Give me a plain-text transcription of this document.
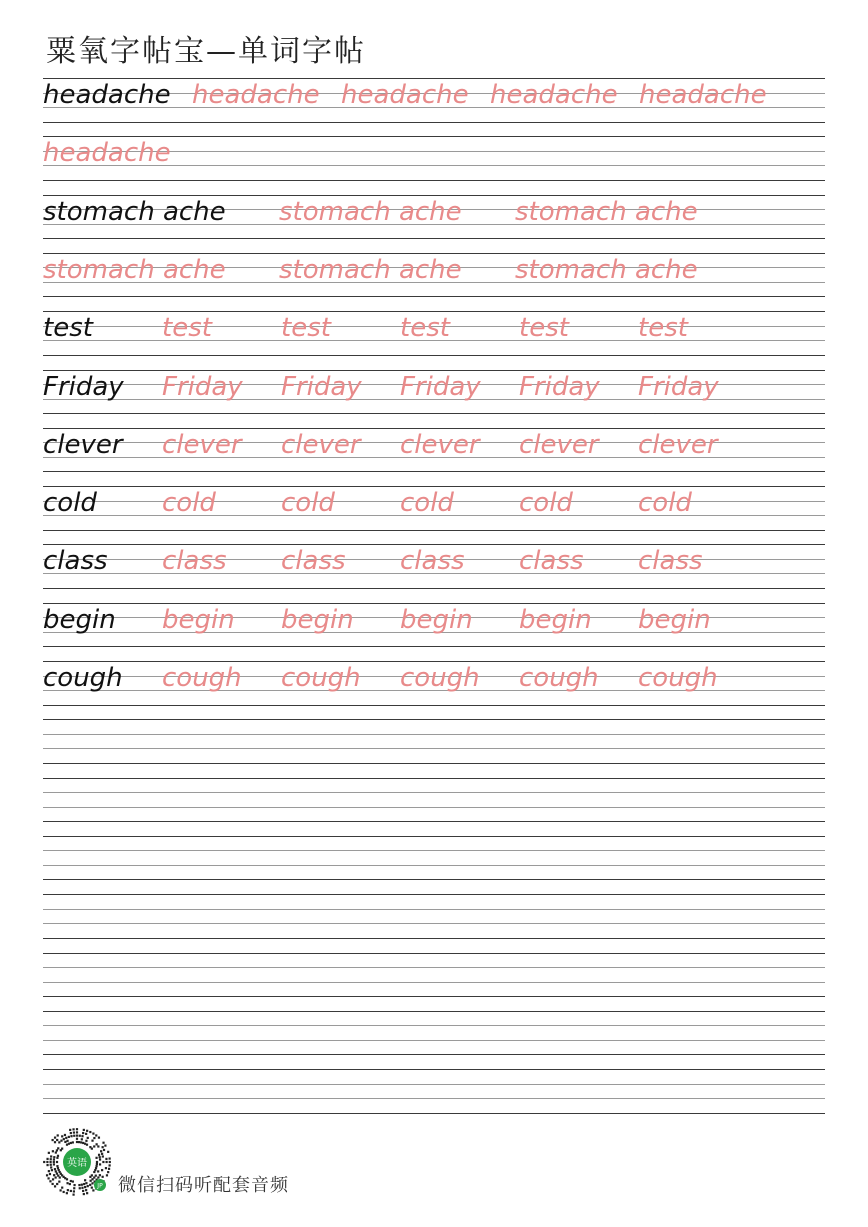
粟氧字帖宝—单词字帖
headache headache headache headache headache
headache
stomach ache stomach ache stomach ache
stomach ache stomach ache stomach ache
test	test	test	test	test	test
Friday Friday Friday Friday Friday Friday
clever clever clever clever clever clever
cold	cold	cold	cold	cold	cold
class class class class class class
begin begin begin begin begin begin
cough cough cough cough cough cough
英语
JP 微信扫码听配套音频
